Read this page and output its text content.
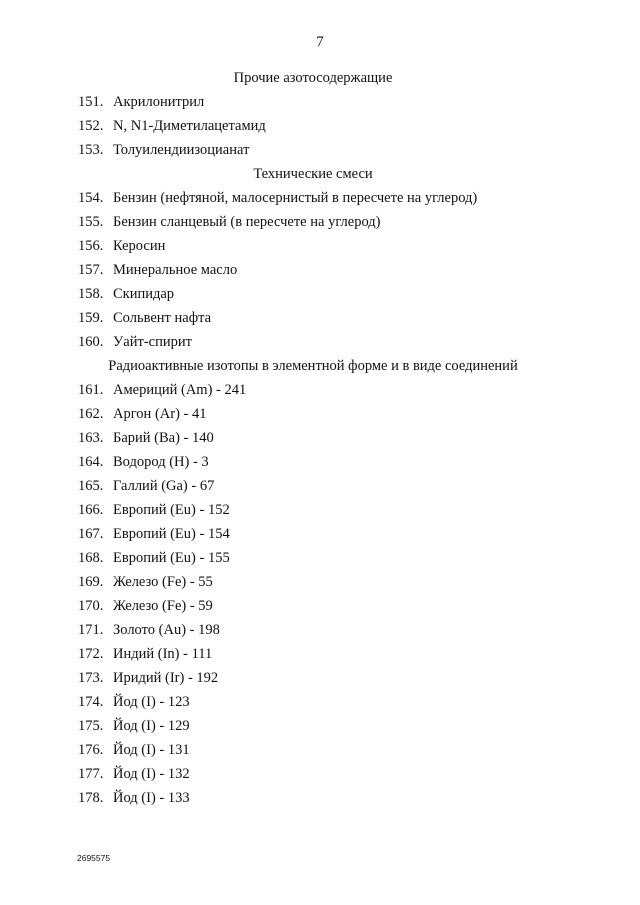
7
Прочие азотосодержащие
151. Акрилонитрил
152. N, N1-Диметилацетамид
153. Толуилендиизоцианат
Технические смеси
154. Бензин (нефтяной, малосернистый в пересчете на углерод)
155. Бензин сланцевый (в пересчете на углерод)
156. Керосин
157. Минеральное масло
158. Скипидар
159. Сольвент нафта
160. Уайт-спирит
Радиоактивные изотопы в элементной форме и в виде соединений
161. Америций (Am) - 241
162. Аргон (Ar) - 41
163. Барий (Ba) - 140
164. Водород (H) - 3
165. Галлий (Ga) - 67
166. Европий (Eu) - 152
167. Европий (Eu) - 154
168. Европий (Eu) - 155
169. Железо (Fe) - 55
170. Железо (Fe) - 59
171. Золото (Au) - 198
172. Индий (In) - 111
173. Иридий (Ir) - 192
174. Йод (I) - 123
175. Йод (I) - 129
176. Йод (I) - 131
177. Йод (I) - 132
178. Йод (I) - 133
2695575
